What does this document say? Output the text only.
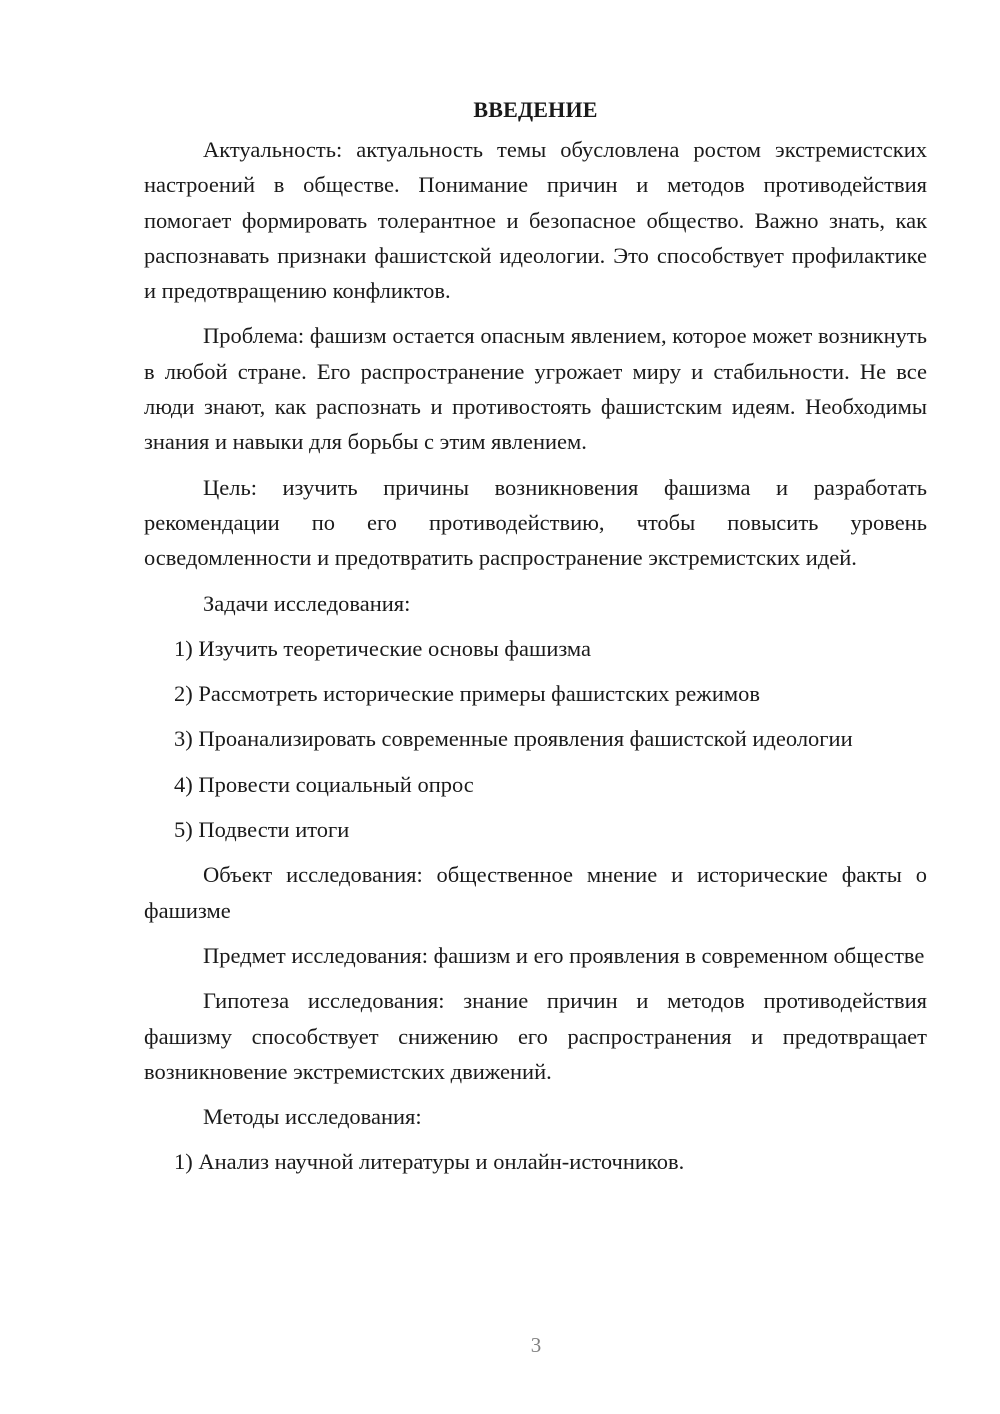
ВВЕДЕНИЕ

Актуальность: актуальность темы обусловлена ростом экстремистских настроений в обществе. Понимание причин и методов противодействия помогает формировать толерантное и безопасное общество. Важно знать, как распознавать признаки фашистской идеологии. Это способствует профилактике и предотвращению конфликтов.

Проблема: фашизм остается опасным явлением, которое может возникнуть в любой стране. Его распространение угрожает миру и стабильности. Не все люди знают, как распознать и противостоять фашистским идеям. Необходимы знания и навыки для борьбы с этим явлением.

Цель: изучить причины возникновения фашизма и разработать рекомендации по его противодействию, чтобы повысить уровень осведомленности и предотвратить распространение экстремистских идей.

Задачи исследования:

1) Изучить теоретические основы фашизма

2) Рассмотреть исторические примеры фашистских режимов

3) Проанализировать современные проявления фашистской идеологии

4) Провести социальный опрос

5) Подвести итоги

Объект исследования: общественное мнение и исторические факты о фашизме

Предмет исследования: фашизм и его проявления в современном обществе

Гипотеза исследования: знание причин и методов противодействия фашизму способствует снижению его распространения и предотвращает возникновение экстремистских движений.

Методы исследования:

1) Анализ научной литературы и онлайн-источников.

3
